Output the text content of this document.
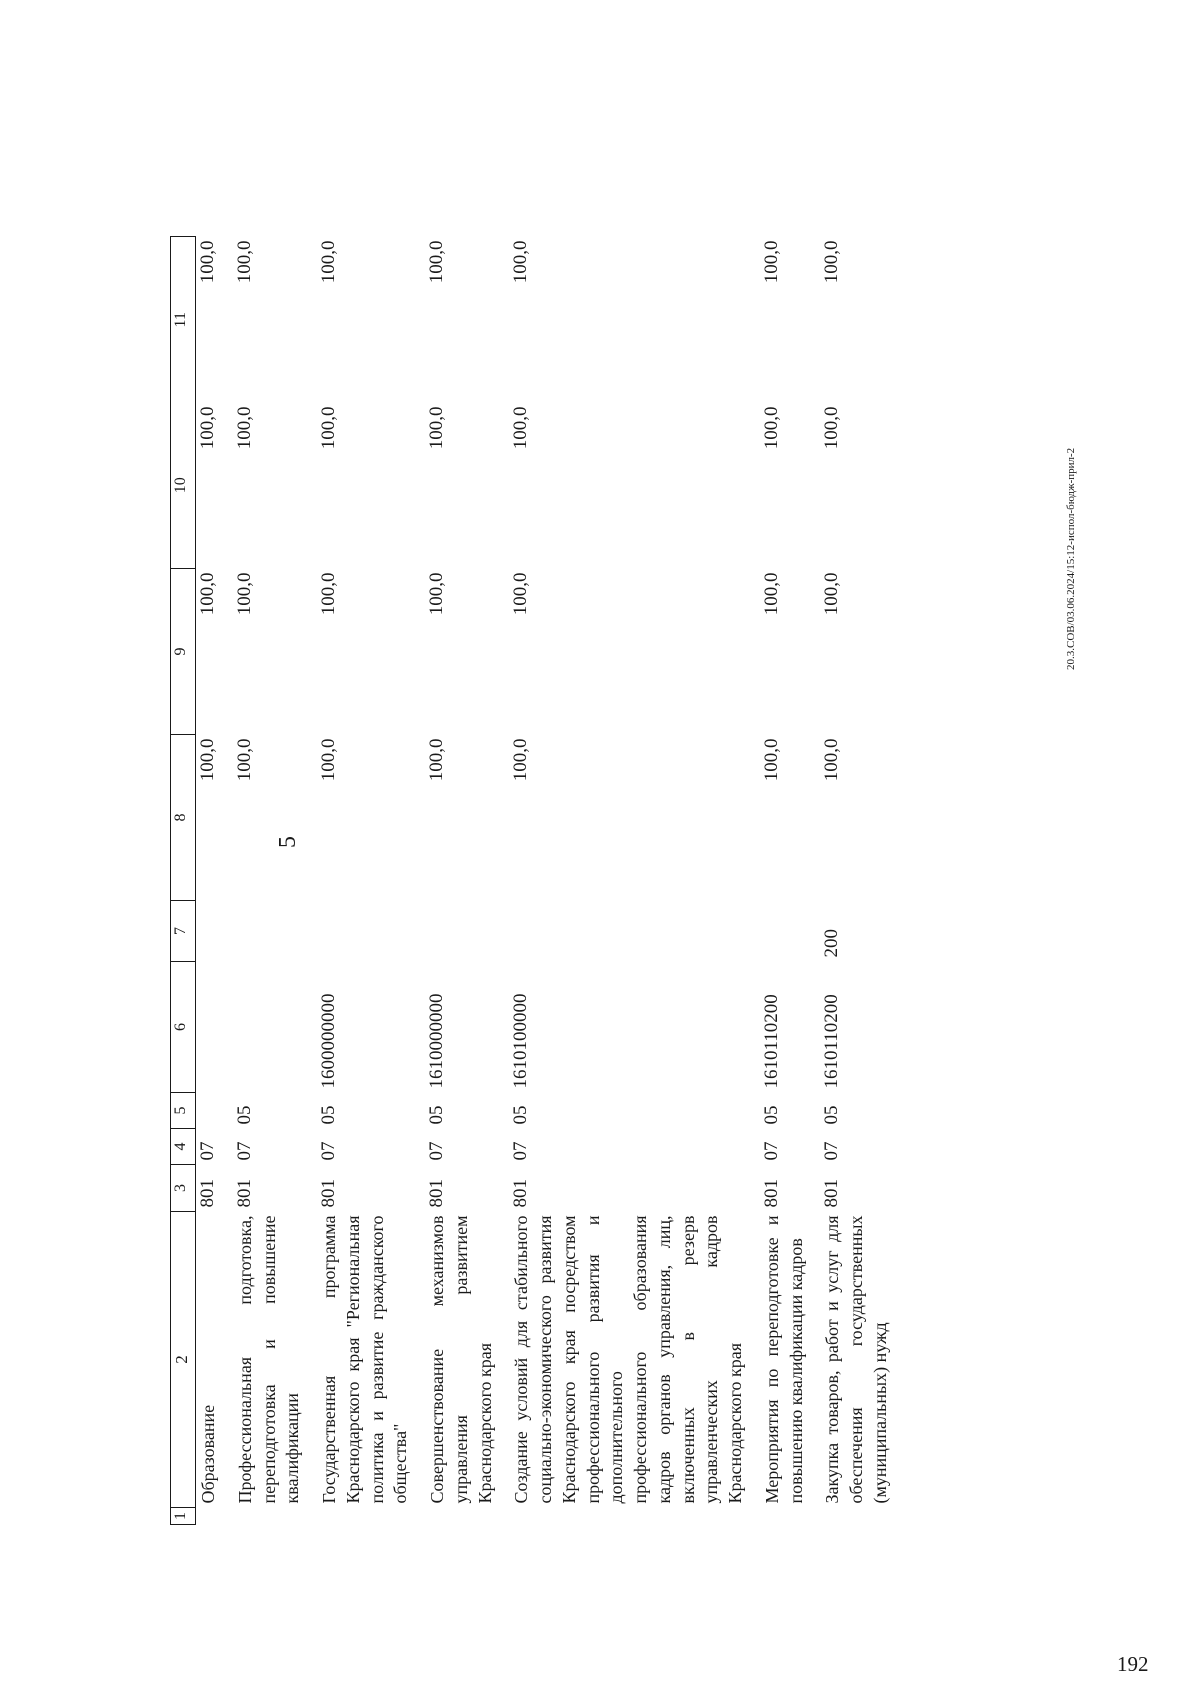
192
5
1	2	3	4	5	6	7	8	9	10	11
	Образование	801	07				100,0	100,0	100,0	100,0
	Профессиональная подготовка, переподготовка и повышение квалификации	801	07	05			100,0	100,0	100,0	100,0
	Государственная программа Краснодарского края "Региональная политика и развитие гражданского общества"	801	07	05	1600000000		100,0	100,0	100,0	100,0
	Совершенствование механизмов управления развитием Краснодарского края	801	07	05	1610000000		100,0	100,0	100,0	100,0
	Создание условий для стабильного социально-экономического развития Краснодарского края посредством профессионального развития и дополнительного профессионального образования кадров органов управления, лиц, включенных в резерв управленческих кадров Краснодарского края	801	07	05	1610100000		100,0	100,0	100,0	100,0
	Мероприятия по переподготовке и повышению квалификации кадров	801	07	05	1610110200		100,0	100,0	100,0	100,0
	Закупка товаров, работ и услуг для обеспечения государственных (муниципальных) нужд	801	07	05	1610110200	200	100,0	100,0	100,0	100,0
20.3.СОВ/03.06.2024/15:12-испол-бюдж-прил-2
